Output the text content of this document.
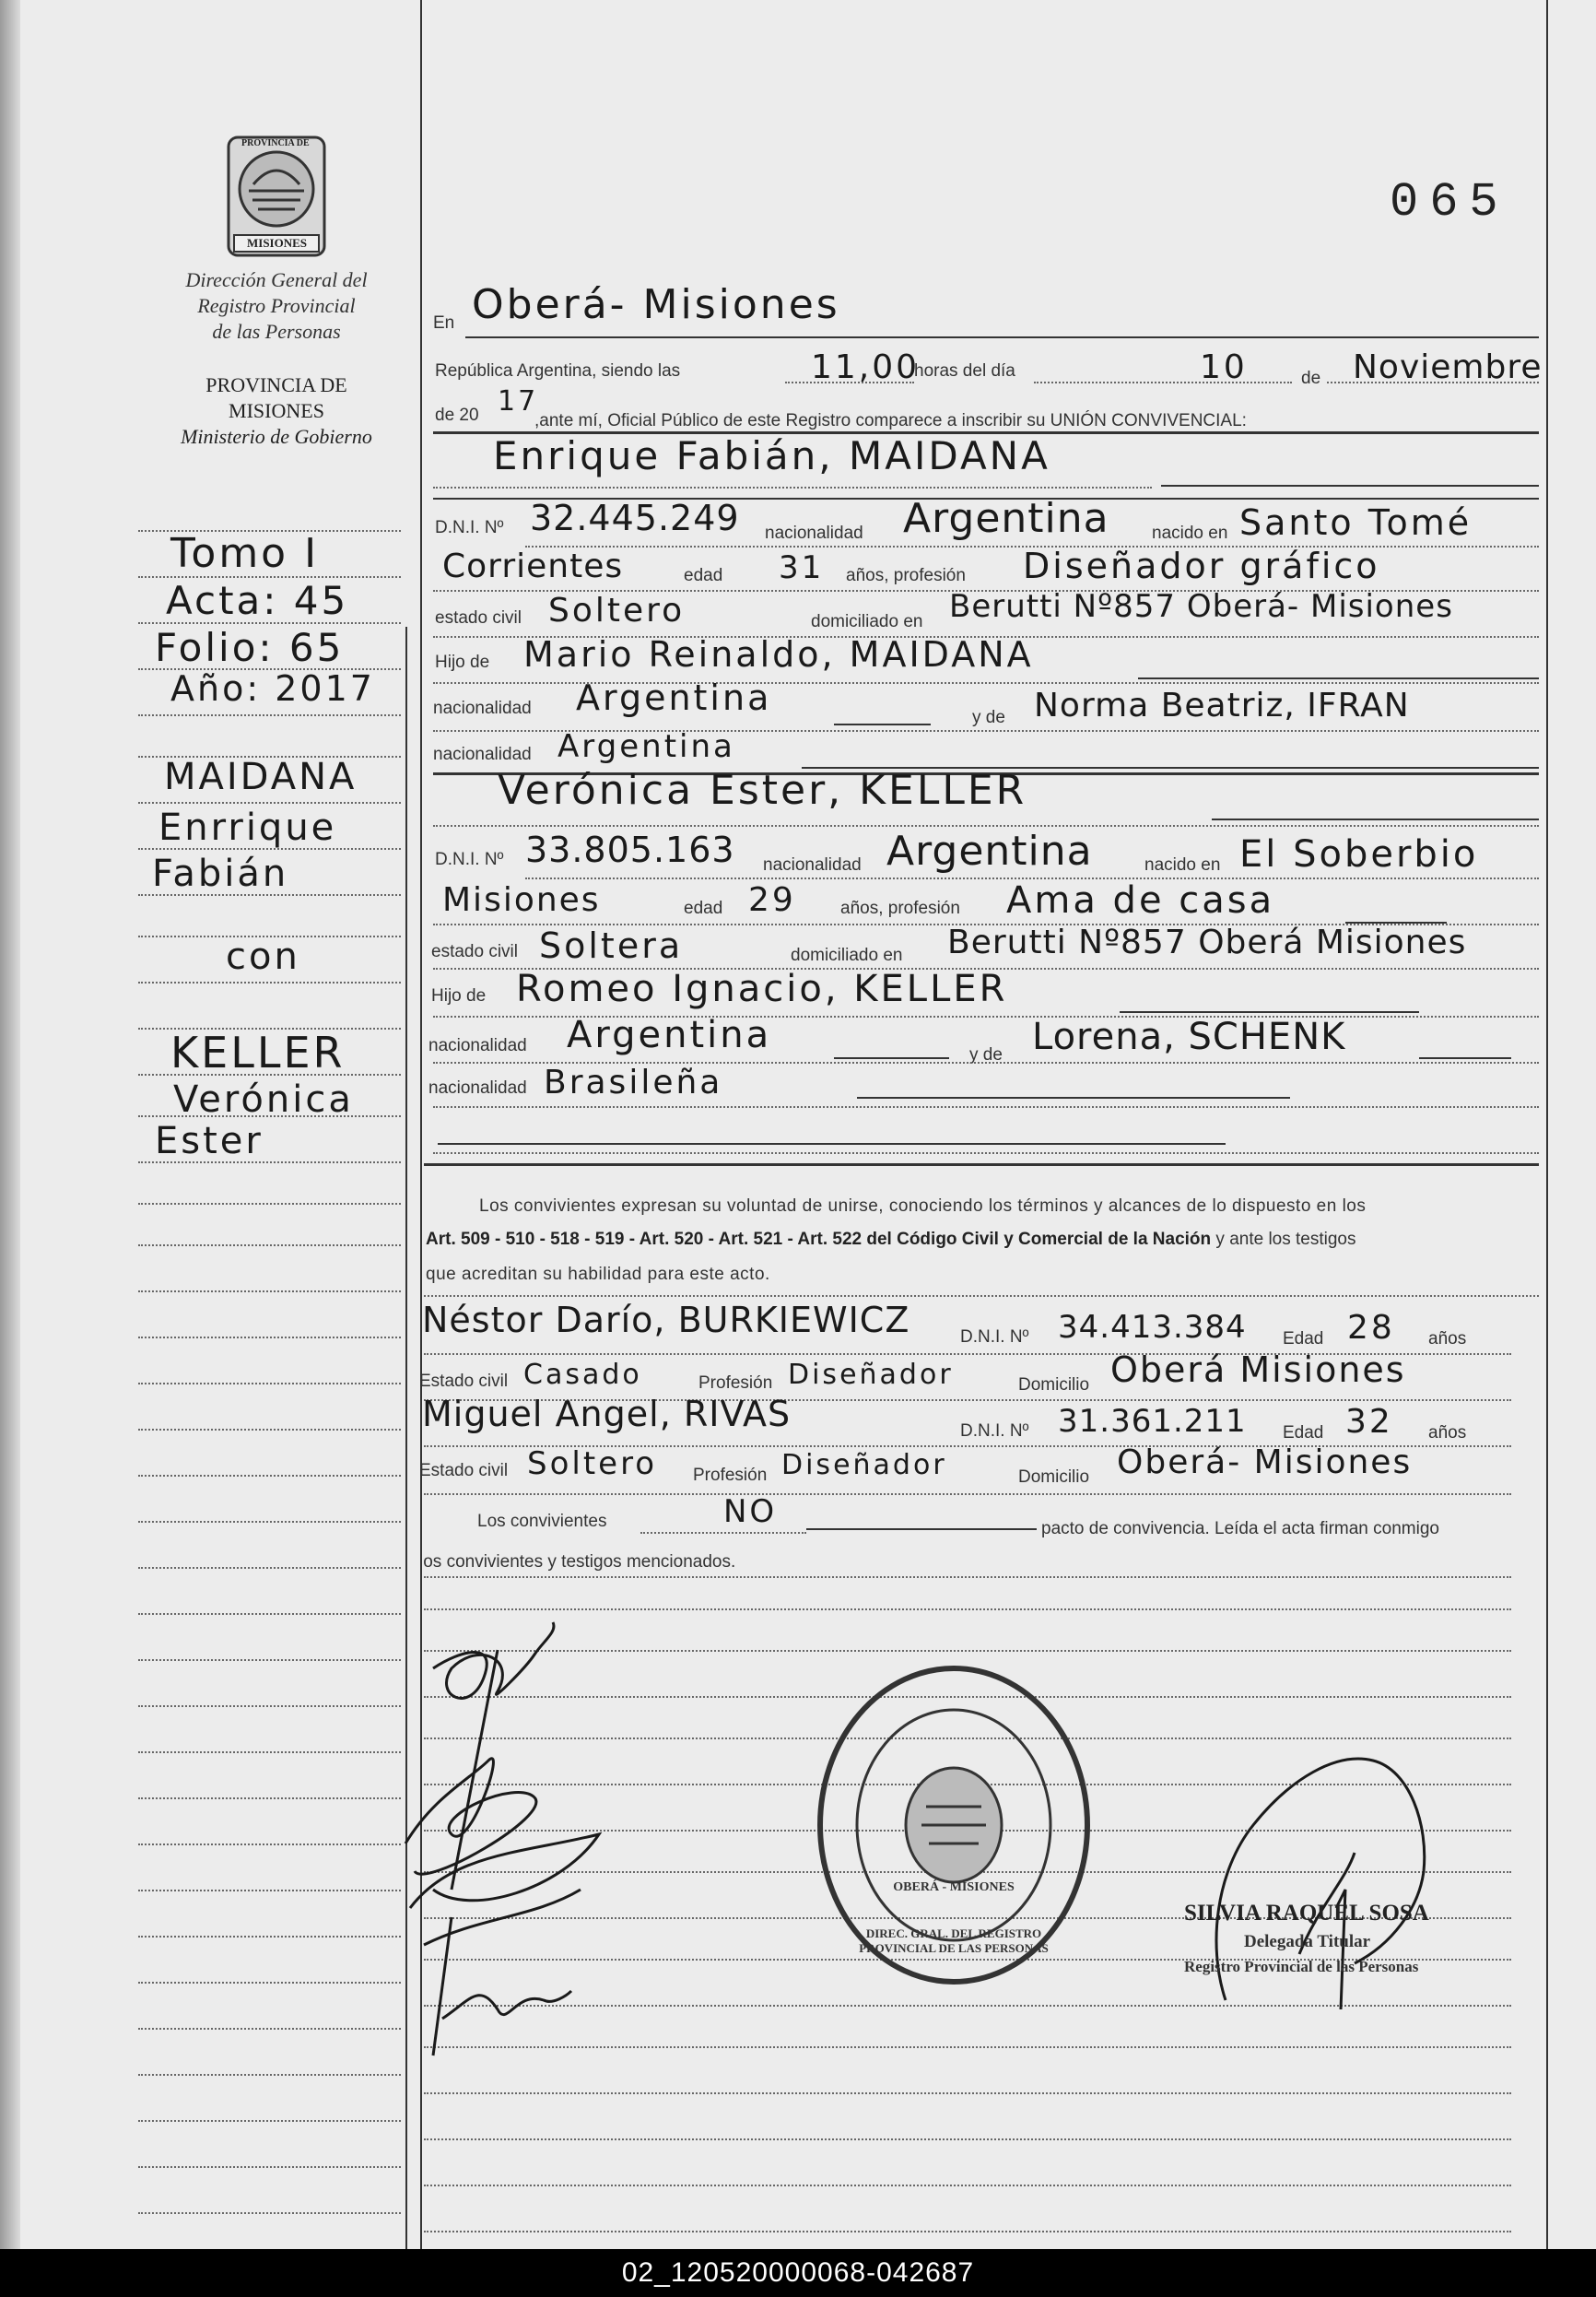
PROVINCIA DE
MISIONES
Dirección General del
Registro Provincial
de las Personas
PROVINCIA DE
MISIONES
Ministerio de Gobierno
065
Tomo I
Acta: 45
Folio: 65
Año: 2017
MAIDANA
Enrrique
Fabián
con
KELLER
Verónica
Ester
En Oberá- Misiones
República Argentina, siendo las	11,00
horas del día	10	de Noviembre
de 20 17
,ante mí, Oficial Público de este Registro comparece a inscribir su UNIÓN CONVIVENCIAL:
Enrique Fabián, MAIDANA
D.N.I. Nº 32.445.249 nacionalidad Argentina nacido en Santo Tomé
Corrientes	edad 31 años, profesión Diseñador gráfico
estado civil Soltero	domiciliado en Berutti Nº857 Oberá- Misiones
Hijo de Mario Reinaldo, MAIDANA
nacionalidad Argentina	y de Norma Beatriz, IFRAN
nacionalidad Argentina
Verónica Ester, KELLER
D.N.I. Nº 33.805.163 nacionalidad Argentina	nacido en El Soberbio
Misiones	edad 29	años, profesión Ama de casa
estado civil Soltera	domiciliado en Berutti Nº857 Oberá Misiones
Hijo de Romeo Ignacio, KELLER
nacionalidad Argentina	y de Lorena, SCHENK
nacionalidad Brasileña
Los convivientes expresan su voluntad de unirse, conociendo los términos y alcances de lo dispuesto en los
Art. 509 - 510 - 518 - 519 - Art. 520 - Art. 521 - Art. 522 del Código Civil y Comercial de la Nación y ante los testigos
que acreditan su habilidad para este acto.
Néstor Darío, BURKIEWICZ	D.N.I. Nº 34.413.384 Edad 28 años
Estado civil Casado	Profesión Diseñador	Domicilio Oberá Misiones
Miguel Angel, RIVAS	D.N.I. Nº 31.361.211 Edad 32 años
Estado civil Soltero Profesión Diseñador	Domicilio Oberá- Misiones
Los convivientes	NO	pacto de convivencia. Leída el acta firman conmigo
los convivientes y testigos mencionados.
DIREC. GRAL. DEL REGISTRO PROVINCIAL DE LAS PERSONAS
OBERÁ - MISIONES
SILVIA RAQUEL SOSA
Delegada Titular
Registro Provincial de las Personas
02_120520000068-042687
